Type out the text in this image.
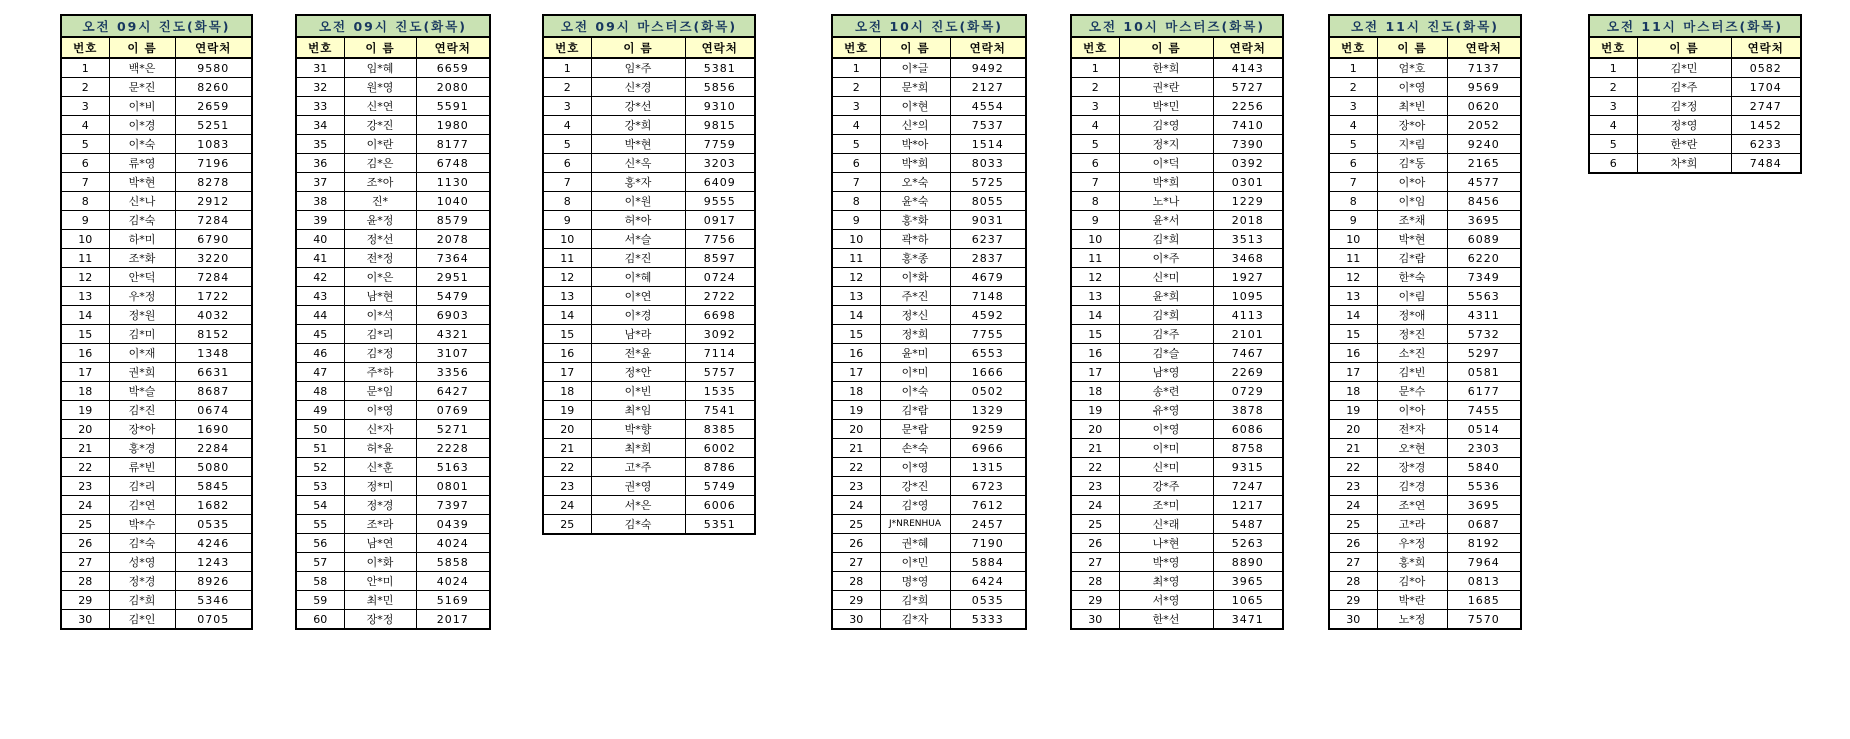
오전 09시 진도(화목)		
번호	이 름	연락처
1	백*은	9580
2	문*진	8260
3	이*비	2659
4	이*경	5251
5	이*숙	1083
6	류*영	7196
7	박*현	8278
8	신*나	2912
9	김*숙	7284
10	하*미	6790
11	조*화	3220
12	안*덕	7284
13	우*정	1722
14	정*원	4032
15	김*미	8152
16	이*재	1348
17	권*희	6631
18	박*슬	8687
19	김*진	0674
20	장*아	1690
21	홍*경	2284
22	류*빈	5080
23	김*리	5845
24	김*연	1682
25	박*수	0535
26	김*숙	4246
27	성*영	1243
28	정*경	8926
29	김*희	5346
30	김*인	0705
오전 09시 진도(화목)		
번호	이 름	연락처
31	임*혜	6659
32	원*영	2080
33	신*연	5591
34	강*진	1980
35	이*란	8177
36	김*은	6748
37	조*아	1130
38	진*	1040
39	윤*정	8579
40	정*선	2078
41	전*정	7364
42	이*은	2951
43	남*현	5479
44	이*석	6903
45	김*리	4321
46	김*정	3107
47	주*하	3356
48	문*임	6427
49	이*영	0769
50	신*자	5271
51	허*윤	2228
52	신*훈	5163
53	정*미	0801
54	정*경	7397
55	조*라	0439
56	남*연	4024
57	이*화	5858
58	안*미	4024
59	최*민	5169
60	장*정	2017
오전 09시 마스터즈(화목)		
번호	이 름	연락처
1	임*주	5381
2	신*경	5856
3	강*선	9310
4	강*희	9815
5	박*현	7759
6	신*옥	3203
7	홍*자	6409
8	이*원	9555
9	허*아	0917
10	서*슬	7756
11	김*진	8597
12	이*혜	0724
13	이*연	2722
14	이*경	6698
15	남*라	3092
16	전*윤	7114
17	정*안	5757
18	이*빈	1535
19	최*임	7541
20	박*향	8385
21	최*희	6002
22	고*주	8786
23	권*영	5749
24	서*은	6006
25	김*숙	5351
오전 10시 진도(화목)		
번호	이 름	연락처
1	이*글	9492
2	문*희	2127
3	이*현	4554
4	신*의	7537
5	박*아	1514
6	박*희	8033
7	오*숙	5725
8	윤*숙	8055
9	홍*화	9031
10	곽*하	6237
11	홍*종	2837
12	이*화	4679
13	주*진	7148
14	정*신	4592
15	정*희	7755
16	윤*미	6553
17	이*미	1666
18	이*숙	0502
19	김*람	1329
20	문*람	9259
21	손*숙	6966
22	이*영	1315
23	강*진	6723
24	김*영	7612
25	J*NRENHUA	2457
26	권*혜	7190
27	이*민	5884
28	명*영	6424
29	김*희	0535
30	김*자	5333
오전 10시 마스터즈(화목)		
번호	이 름	연락처
1	한*희	4143
2	권*란	5727
3	박*민	2256
4	김*영	7410
5	정*지	7390
6	이*덕	0392
7	박*희	0301
8	노*나	1229
9	윤*서	2018
10	김*희	3513
11	이*주	3468
12	신*미	1927
13	윤*희	1095
14	김*희	4113
15	김*주	2101
16	김*슬	7467
17	남*영	2269
18	송*련	0729
19	유*영	3878
20	이*영	6086
21	이*미	8758
22	신*미	9315
23	강*주	7247
24	조*미	1217
25	신*래	5487
26	나*현	5263
27	박*영	8890
28	최*영	3965
29	서*영	1065
30	한*선	3471
오전 11시 진도(화목)		
번호	이 름	연락처
1	엄*호	7137
2	이*영	9569
3	최*빈	0620
4	장*아	2052
5	지*림	9240
6	김*동	2165
7	이*아	4577
8	이*임	8456
9	조*채	3695
10	박*현	6089
11	김*람	6220
12	한*숙	7349
13	이*림	5563
14	정*애	4311
15	정*진	5732
16	소*진	5297
17	김*빈	0581
18	문*수	6177
19	이*아	7455
20	전*자	0514
21	오*현	2303
22	장*경	5840
23	김*경	5536
24	조*연	3695
25	고*라	0687
26	우*정	8192
27	홍*희	7964
28	김*아	0813
29	박*란	1685
30	노*정	7570
오전 11시 마스터즈(화목)		
번호	이 름	연락처
1	김*민	0582
2	김*주	1704
3	김*정	2747
4	정*영	1452
5	한*란	6233
6	차*희	7484
